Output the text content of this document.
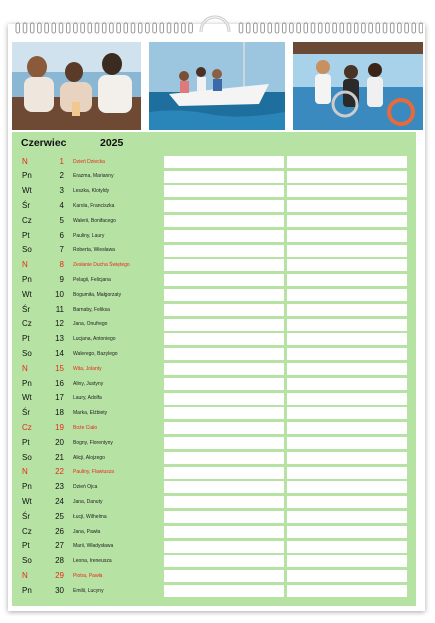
Czerwiec	2025
N	1 Dzień Dziecka
Pn	2 Erazma, Marianny
Wt	3 Leszka, Klotyldy
Śr	4 Karola, Franciszka
Cz	5 Walerii, Bonifacego
Pt	6 Pauliny, Laury
So	7 Roberta, Wiesława
N	8 Zesłanie Ducha Świętego
Pn	9 Pelagii, Felicjana
Wt	10 Bogumiła, Małgorzaty
Śr	11 Barnaby, Feliksa
Cz	12 Jana, Onufrego
Pt	13 Lucjana, Antoniego
So	14 Walerego, Bazylego
N	15 Wita, Jolanty
Pn	16 Aliny, Justyny
Wt	17 Laury, Adolfa
Śr	18 Marka, Elżbiety
Cz	19 Boże Ciało
Pt	20 Bogny, Florentyny
So	21 Alicji, Alojzego
N	22 Pauliny, Flawiusza
Pn	23 Dzień Ojca
Wt	24 Jana, Danuty
Śr	25 Łucji, Wilhelma
Cz	26 Jana, Pawła
Pt	27 Marii, Władysława
So	28 Leona, Ireneusza
N	29 Piotra, Pawła
Pn	30 Emilii, Lucyny
